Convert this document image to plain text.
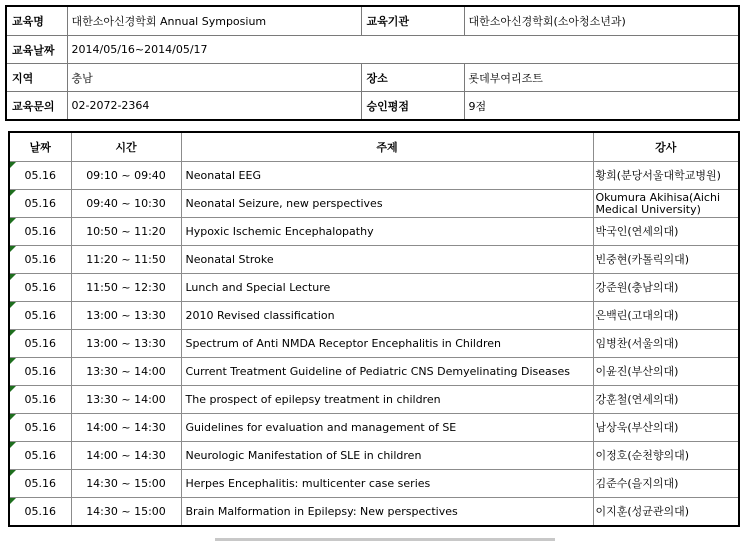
교육명	대한소아신경학회 Annual Symposium	교육기관	대한소아신경학회(소아청소년과)
교육날짜	2014/05/16~2014/05/17		
지역	충남	장소	롯데부여리조트
교육문의	02-2072-2364	승인평점	9점
날짜	시간	주제	강사

05.16	09:10 ~ 09:40	Neonatal EEG	황희(분당서울대학교병원)

05.16	09:40 ~ 10:30	Neonatal Seizure, new perspectives	Okumura Akihisa(Aichi Medical University)

05.16	10:50 ~ 11:20	Hypoxic Ischemic Encephalopathy	박국인(연세의대)

05.16	11:20 ~ 11:50	Neonatal Stroke	빈중현(카톨릭의대)

05.16	11:50 ~ 12:30	Lunch and Special Lecture	강준원(충남의대)

05.16	13:00 ~ 13:30	2010 Revised classification	은백린(고대의대)

05.16	13:00 ~ 13:30	Spectrum of Anti NMDA Receptor Encephalitis in Children	임병찬(서울의대)

05.16	13:30 ~ 14:00	Current Treatment Guideline of Pediatric CNS Demyelinating Diseases	이윤진(부산의대)

05.16	13:30 ~ 14:00	The prospect of epilepsy treatment in children	강훈철(연세의대)

05.16	14:00 ~ 14:30	Guidelines for evaluation and management of SE	남상욱(부산의대)

05.16	14:00 ~ 14:30	Neurologic Manifestation of SLE in children	이정호(순천향의대)

05.16	14:30 ~ 15:00	Herpes Encephalitis: multicenter case series	김준수(을지의대)

05.16	14:30 ~ 15:00	Brain Malformation in Epilepsy: New perspectives	이지훈(성균관의대)
